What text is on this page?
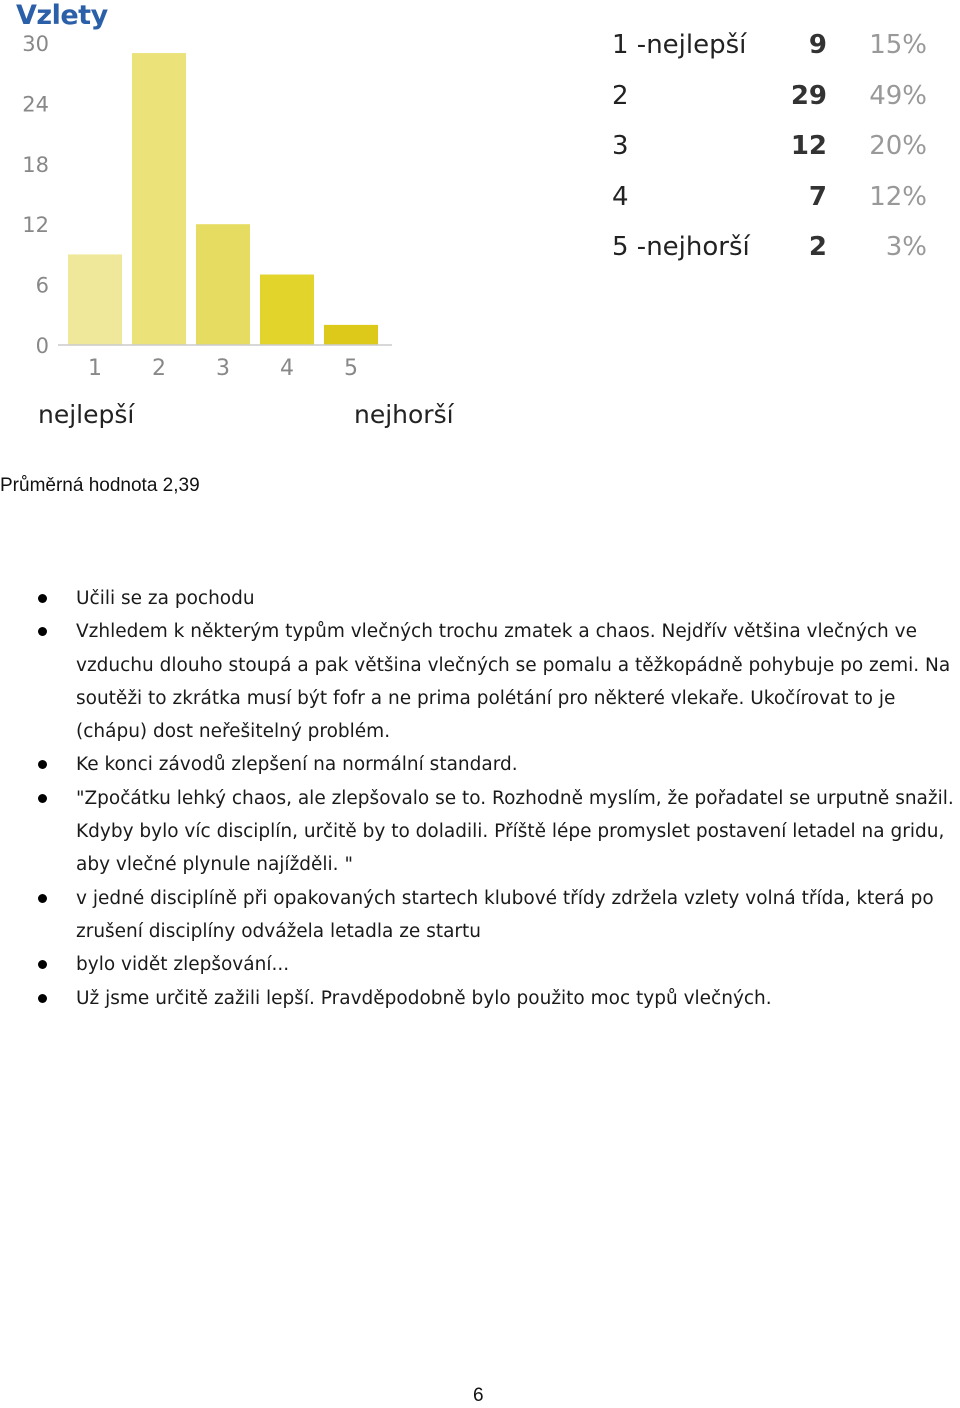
Vzlety
0
6
12
18
24
30
1 2 3 4 5
nejlepší	nejhorší
1 -nejlepší	9	15%
2	29	49%
3	12	20%
4	7	12%
5 -nejhorší	2	3%
Průměrná hodnota 2,39
Učili se za pochodu
Vzhledem k některým typům vlečných trochu zmatek a chaos. Nejdřív většina vlečných ve vzduchu dlouho stoupá a pak většina vlečných se pomalu a těžkopádně pohybuje po zemi. Na soutěži to zkrátka musí být fofr a ne prima polétání pro některé vlekaře. Ukočírovat to je (chápu) dost neřešitelný problém.
Ke konci závodů zlepšení na normální standard.
"Zpočátku lehký chaos, ale zlepšovalo se to. Rozhodně myslím, že pořadatel se urputně snažil. Kdyby bylo víc disciplín, určitě by to doladili. Příště lépe promyslet postavení letadel na gridu, aby vlečné plynule najížděli. "
v jedné disciplíně při opakovaných startech klubové třídy zdržela vzlety volná třída, která po zrušení disciplíny odvážela letadla ze startu
bylo vidět zlepšování...
Už jsme určitě zažili lepší. Pravděpodobně bylo použito moc typů vlečných.
6
